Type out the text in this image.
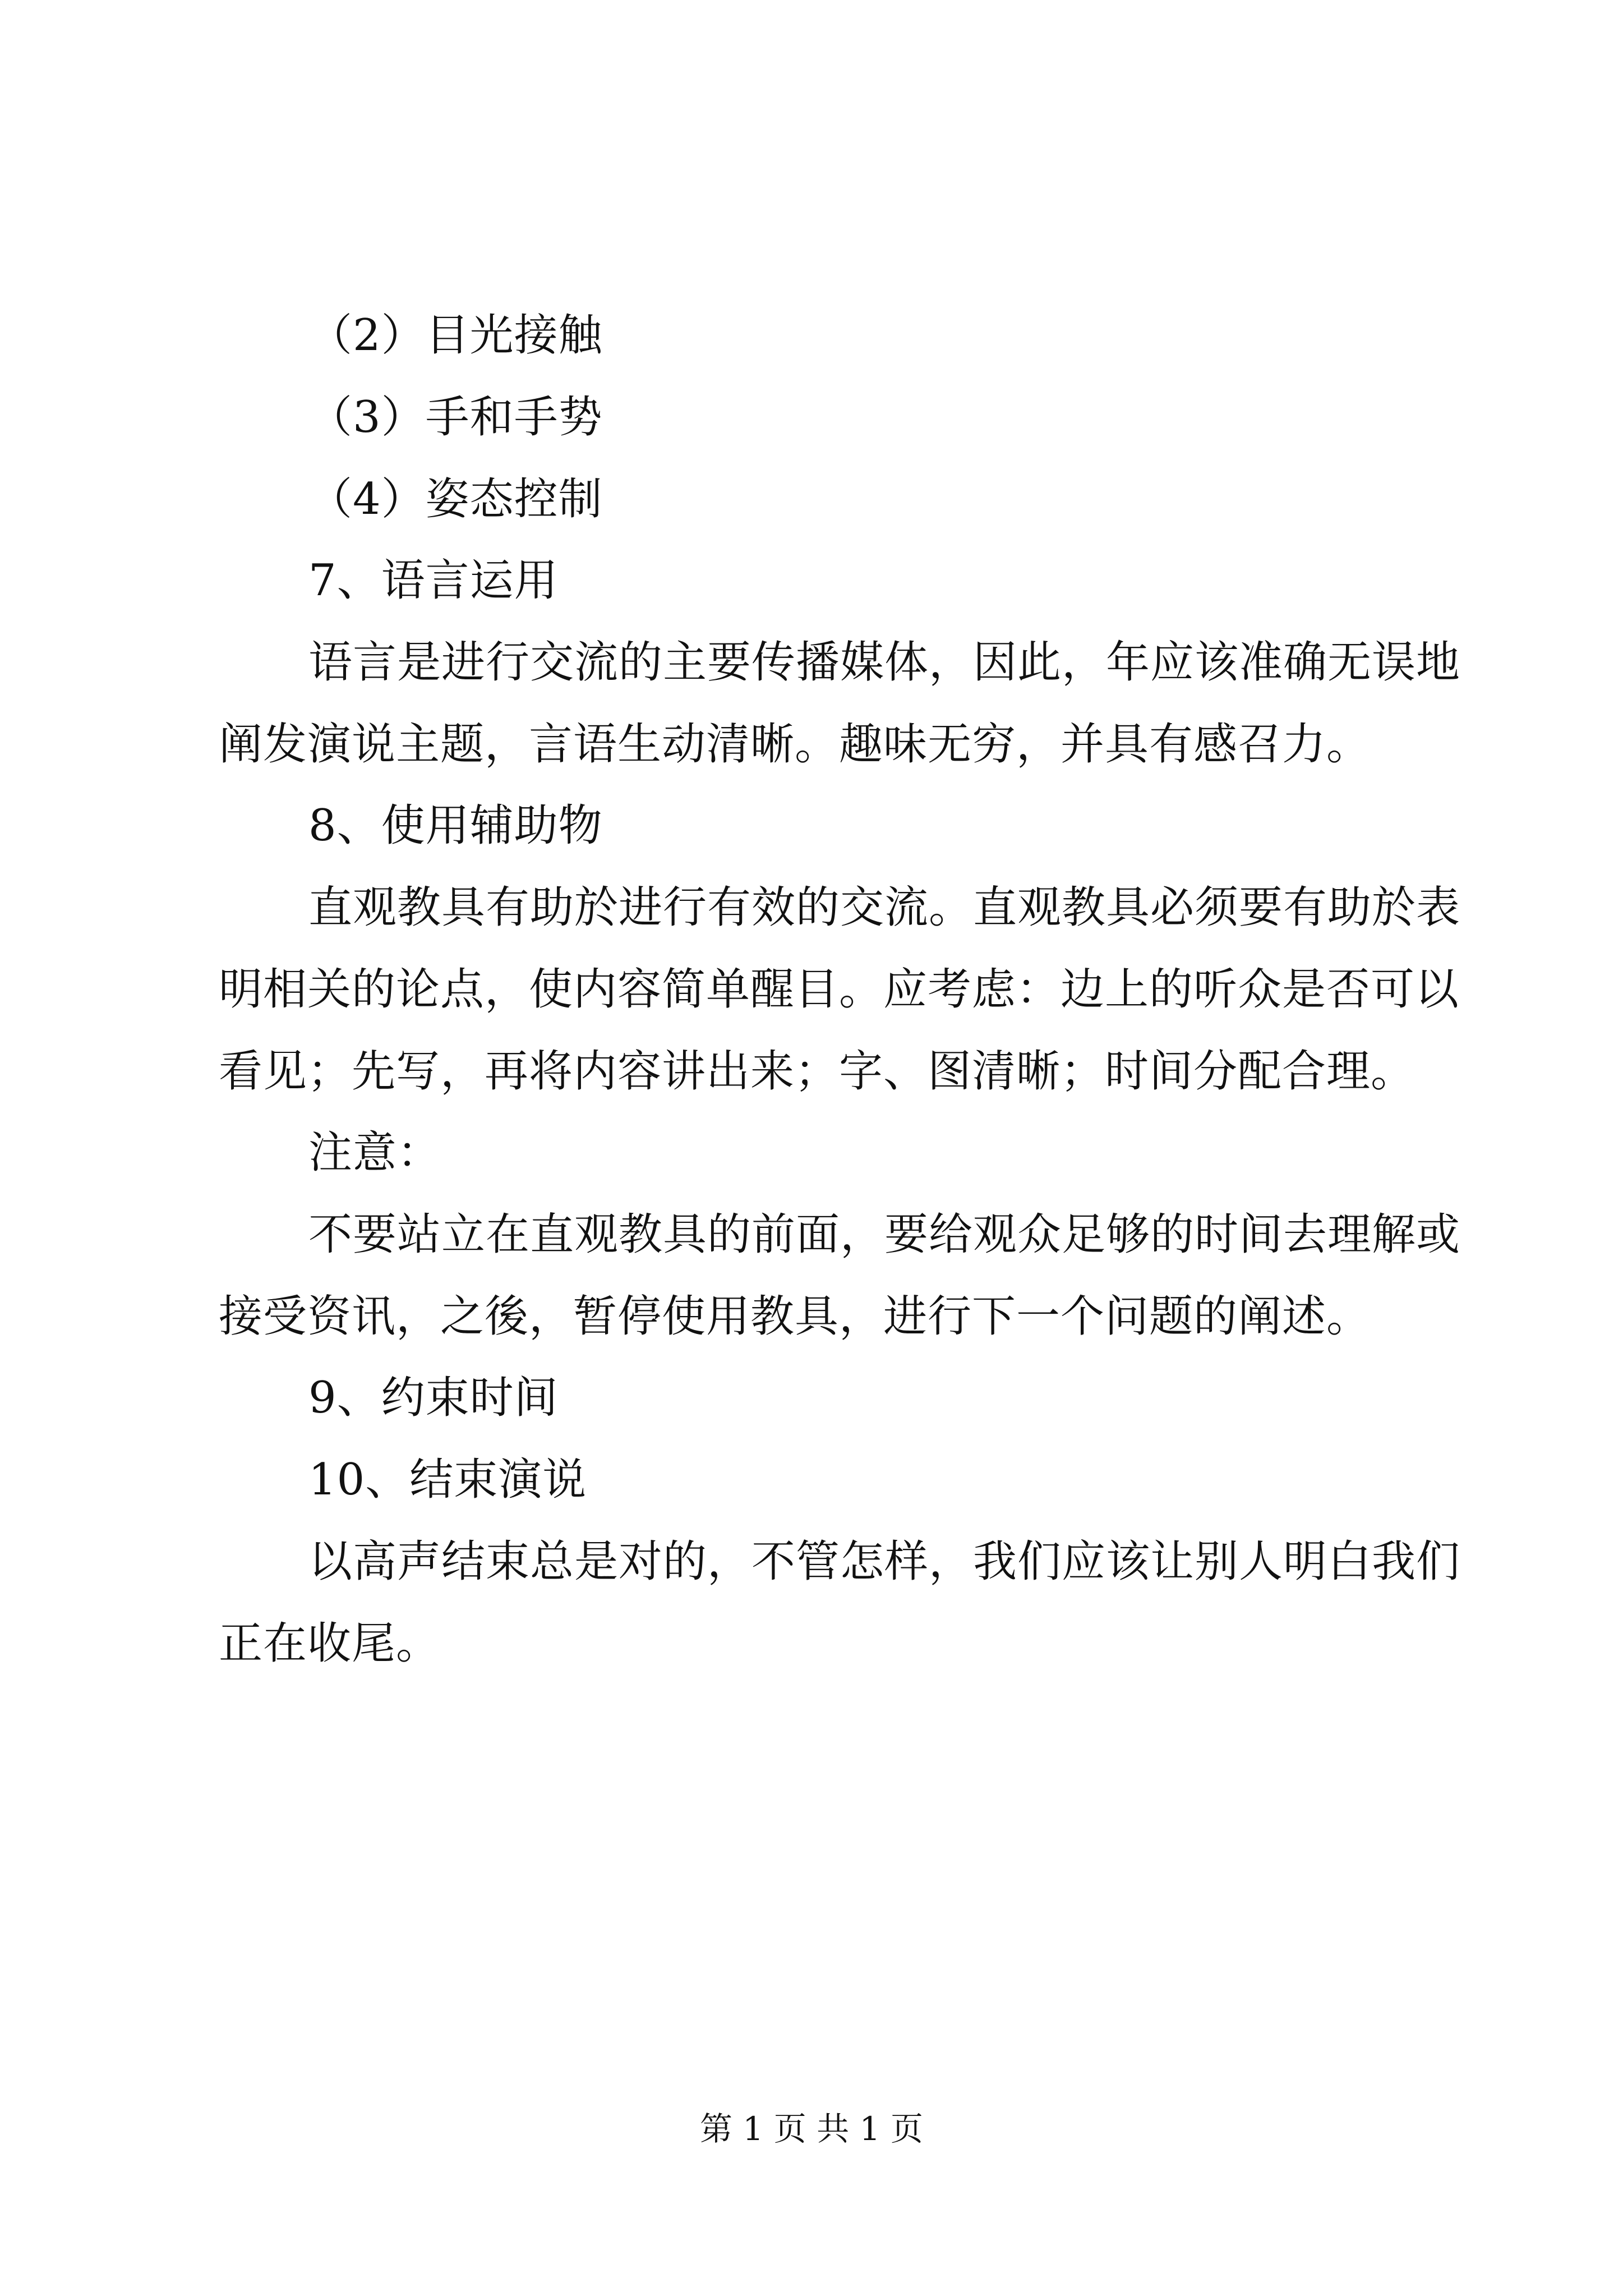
（2）目光接触
（3）手和手势
（4）姿态控制
7、语言运用
语言是进行交流的主要传播媒体，因此，年应该准确无误地
阐发演说主题，言语生动清晰。趣味无穷，并具有感召力。
8、使用辅助物
直观教具有助於进行有效的交流。直观教具必须要有助於表
明相关的论点，使内容简单醒目。应考虑：边上的听众是否可以
看见；先写，再将内容讲出来；字、图清晰；时间分配合理。
注意：
不要站立在直观教具的前面，要给观众足够的时间去理解或
接受资讯，之後，暂停使用教具，进行下一个问题的阐述。
9、约束时间
10、结束演说
以高声结束总是对的，不管怎样，我们应该让别人明白我们
正在收尾。
第 1 页 共 1 页
